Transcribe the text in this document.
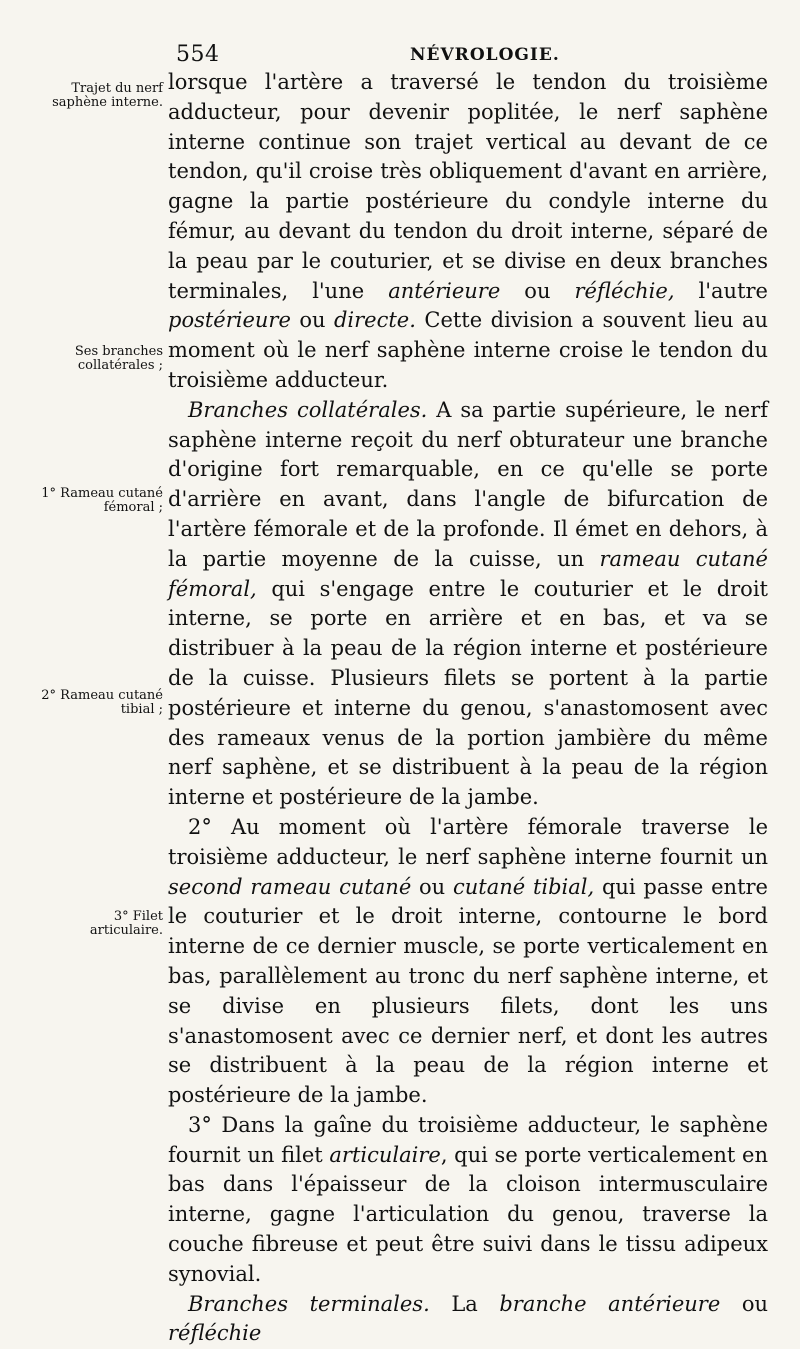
554	NÉVROLOGIE.
Trajet du nerf saphène interne.
Ses branches collatérales ;
1° Rameau cutané fémoral ;
2° Rameau cutané tibial ;
3° Filet articulaire.

lorsque l'artère a traversé le tendon du troisième adducteur, pour devenir poplitée, le nerf saphène interne continue son trajet vertical au devant de ce tendon, qu'il croise très obliquement d'avant en arrière, gagne la partie postérieure du condyle interne du fémur, au devant du tendon du droit interne, séparé de la peau par le couturier, et se divise en deux branches terminales, l'une antérieure ou réfléchie, l'autre postérieure ou directe. Cette division a souvent lieu au moment où le nerf saphène interne croise le tendon du troisième adducteur.

Branches collatérales. A sa partie supérieure, le nerf saphène interne reçoit du nerf obturateur une branche d'origine fort remarquable, en ce qu'elle se porte d'arrière en avant, dans l'angle de bifurcation de l'artère fémorale et de la profonde. Il émet en dehors, à la partie moyenne de la cuisse, un rameau cutané fémoral, qui s'engage entre le couturier et le droit interne, se porte en arrière et en bas, et va se distribuer à la peau de la région interne et postérieure de la cuisse. Plusieurs filets se portent à la partie postérieure et interne du genou, s'anastomosent avec des rameaux venus de la portion jambière du même nerf saphène, et se distribuent à la peau de la région interne et postérieure de la jambe.

2° Au moment où l'artère fémorale traverse le troisième adducteur, le nerf saphène interne fournit un second rameau cutané ou cutané tibial, qui passe entre le couturier et le droit interne, contourne le bord interne de ce dernier muscle, se porte verticalement en bas, parallèlement au tronc du nerf saphène interne, et se divise en plusieurs filets, dont les uns s'anastomosent avec ce dernier nerf, et dont les autres se distribuent à la peau de la région interne et postérieure de la jambe.

3° Dans la gaîne du troisième adducteur, le saphène fournit un filet articulaire, qui se porte verticalement en bas dans l'épaisseur de la cloison intermusculaire interne, gagne l'articulation du genou, traverse la couche fibreuse et peut être suivi dans le tissu adipeux synovial.

Branches terminales. La branche antérieure ou réfléchie
